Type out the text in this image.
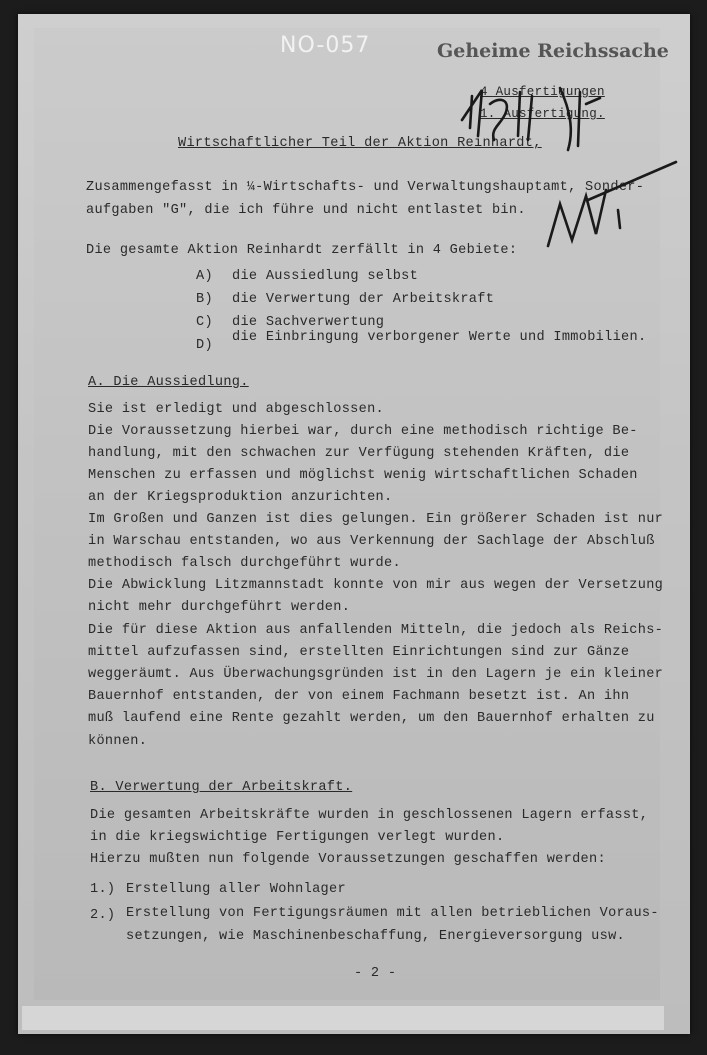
NO-057	Geheime Reichssache
4 Ausfertigungen
1. Ausfertigung.
Wirtschaftlicher Teil der Aktion Reinhardt,
Zusammengefasst in ¼-Wirtschafts- und Verwaltungshauptamt, Sonder-
aufgaben "G", die ich führe und nicht entlastet bin.
Die gesamte Aktion Reinhardt zerfällt in 4 Gebiete:
A) die Aussiedlung selbst
B) die Verwertung der Arbeitskraft
C) die Sachverwertung
D)
die Einbringung verborgener Werte und Immobilien.
A. Die Aussiedlung.
Sie ist erledigt und abgeschlossen.
Die Voraussetzung hierbei war, durch eine methodisch richtige Be-
handlung, mit den schwachen zur Verfügung stehenden Kräften, die
Menschen zu erfassen und möglichst wenig wirtschaftlichen Schaden
an der Kriegsproduktion anzurichten.
Im Großen und Ganzen ist dies gelungen. Ein größerer Schaden ist nur
in Warschau entstanden, wo aus Verkennung der Sachlage der Abschluß
methodisch falsch durchgeführt wurde.
Die Abwicklung Litzmannstadt konnte von mir aus wegen der Versetzung
nicht mehr durchgeführt werden.
Die für diese Aktion aus anfallenden Mitteln, die jedoch als Reichs-
mittel aufzufassen sind, erstellten Einrichtungen sind zur Gänze
weggeräumt. Aus Überwachungsgründen ist in den Lagern je ein kleiner
Bauernhof entstanden, der von einem Fachmann besetzt ist. An ihn
muß laufend eine Rente gezahlt werden, um den Bauernhof erhalten zu
können.
B. Verwertung der Arbeitskraft.
Die gesamten Arbeitskräfte wurden in geschlossenen Lagern erfasst,
in die kriegswichtige Fertigungen verlegt wurden.
Hierzu mußten nun folgende Voraussetzungen geschaffen werden:
1.) Erstellung aller Wohnlager
2.) Erstellung von Fertigungsräumen mit allen betrieblichen Voraus-
setzungen, wie Maschinenbeschaffung, Energieversorgung usw.
- 2 -
